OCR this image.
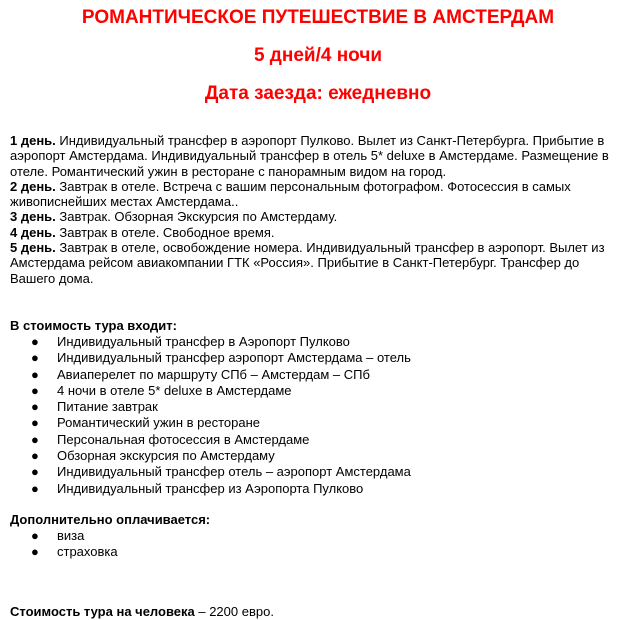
РОМАНТИЧЕСКОЕ ПУТЕШЕСТВИЕ В АМСТЕРДАМ

5 дней/4 ночи

Дата заезда: ежедневно

1 день. Индивидуальный трансфер в аэропорт Пулково. Вылет из Санкт-Петербурга. Прибытие в аэропорт Амстердама. Индивидуальный трансфер в отель 5* deluxe в Амстердаме. Размещение в отеле. Романтический ужин в ресторане с панорамным видом на город.

2 день. Завтрак в отеле. Встреча с вашим персональным фотографом. Фотосессия в самых живописнейших местах Амстердама..

3 день. Завтрак. Обзорная Экскурсия по Амстердаму.

4 день. Завтрак в отеле. Свободное время.

5 день. Завтрак в отеле, освобождение номера. Индивидуальный трансфер в аэропорт. Вылет из Амстердама рейсом авиакомпании ГТК «Россия». Прибытие в Санкт-Петербург. Трансфер до Вашего дома.

В стоимость тура входит:

● Индивидуальный трансфер в Аэропорт Пулково
● Индивидуальный трансфер аэропорт Амстердама – отель
● Авиаперелет по маршруту СПб – Амстердам – СПб
● 4 ночи в отеле 5* deluxe в Амстердаме
● Питание завтрак
● Романтический ужин в ресторане
● Персональная фотосессия в Амстердаме
● Обзорная экскурсия по Амстердаму
● Индивидуальный трансфер отель – аэропорт Амстердама
● Индивидуальный трансфер из Аэропорта Пулково

Дополнительно оплачивается:

● виза
● страховка

Стоимость тура на человека – 2200 евро.
